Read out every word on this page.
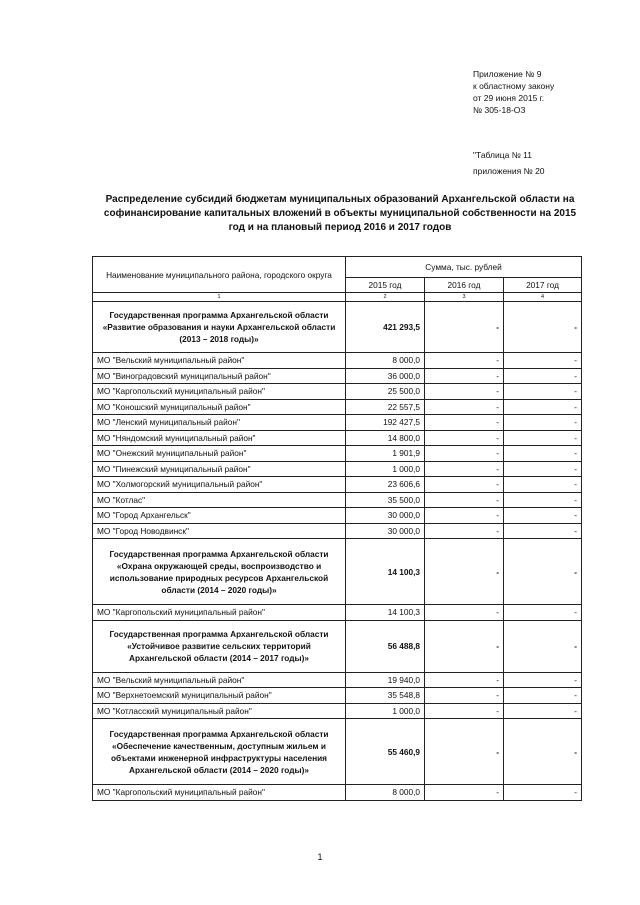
Приложение № 9
к областному закону
от 29 июня 2015 г.
№ 305-18-ОЗ
"Таблица № 11
приложения № 20
Распределение субсидий бюджетам муниципальных образований Архангельской области на софинансирование капитальных вложений в объекты муниципальной собственности на 2015 год и на плановый период 2016 и 2017 годов
Наименование муниципального района, городского округа	Сумма, тыс. рублей		
	2015 год	2016 год	2017 год
1	2	3	4
Государственная программа Архангельской области «Развитие образования и науки Архангельской области (2013 – 2018 годы)»	421 293,5	-	-
МО "Вельский муниципальный район"	8 000,0	-	-
МО "Виноградовский муниципальный район"	36 000,0	-	-
МО "Каргопольский муниципальный район"	25 500,0	-	-
МО "Коношский муниципальный район"	22 557,5	-	-
МО "Ленский муниципальный район"	192 427,5	-	-
МО "Няндомский муниципальный район"	14 800,0	-	-
МО "Онежский муниципальный район"	1 901,9	-	-
МО "Пинежский муниципальный район"	1 000,0	-	-
МО "Холмогорский муниципальный район"	23 606,6	-	-
МО "Котлас"	35 500,0	-	-
МО "Город Архангельск"	30 000,0	-	-
МО "Город Новодвинск"	30 000,0	-	-
Государственная программа Архангельской области «Охрана окружающей среды, воспроизводство и использование природных ресурсов Архангельской области (2014 – 2020 годы)»	14 100,3	-	-
МО "Каргопольский муниципальный район"	14 100,3	-	-
Государственная программа Архангельской области «Устойчивое развитие сельских территорий Архангельской области (2014 – 2017 годы)»	56 488,8	-	-
МО "Вельский муниципальный район"	19 940,0	-	-
МО "Верхнетоемский муниципальный район"	35 548,8	-	-
МО "Котласский муниципальный район"	1 000,0	-	-
Государственная программа Архангельской области «Обеспечение качественным, доступным жильем и объектами инженерной инфраструктуры населения Архангельской области (2014 – 2020 годы)»	55 460,9	-	-
МО "Каргопольский муниципальный район"	8 000,0	-	-
1
